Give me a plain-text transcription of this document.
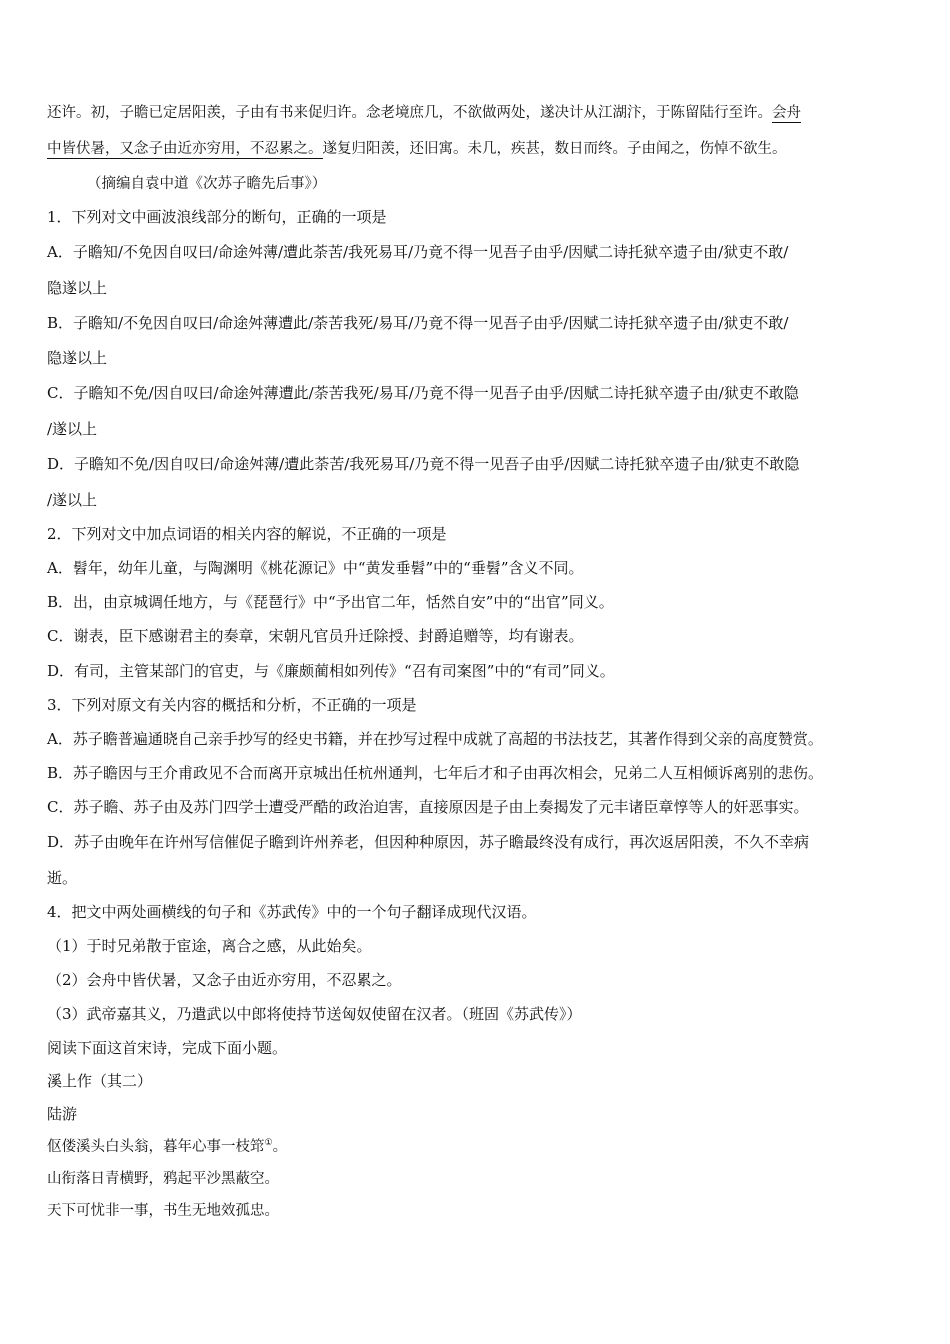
还许。初，子瞻已定居阳羡，子由有书来促归许。念老境庶几，不欲做两处，遂决计从江湖汴，于陈留陆行至许。会舟
中皆伏暑，又念子由近亦穷用，不忍累之。遂复归阳羡，还旧寓。未几，疾甚，数日而终。子由闻之，伤悼不欲生。
（摘编自袁中道《次苏子瞻先后事》）
1．下列对文中画波浪线部分的断句，正确的一项是
A．子瞻知/不免因自叹曰/命途舛薄/遭此荼苦/我死易耳/乃竟不得一见吾子由乎/因赋二诗托狱卒遗子由/狱吏不敢/
隐遂以上
B．子瞻知/不免因自叹曰/命途舛薄遭此/荼苦我死/易耳/乃竟不得一见吾子由乎/因赋二诗托狱卒遗子由/狱吏不敢/
隐遂以上
C．子瞻知不免/因自叹曰/命途舛薄遭此/荼苦我死/易耳/乃竟不得一见吾子由乎/因赋二诗托狱卒遗子由/狱吏不敢隐
/遂以上
D．子瞻知不免/因自叹曰/命途舛薄/遭此荼苦/我死易耳/乃竟不得一见吾子由乎/因赋二诗托狱卒遗子由/狱吏不敢隐
/遂以上
2．下列对文中加点词语的相关内容的解说，不正确的一项是
A．髫年，幼年儿童，与陶渊明《桃花源记》中“黄发垂髫”中的“垂髫”含义不同。
B．出，由京城调任地方，与《琵琶行》中“予出官二年，恬然自安”中的“出官”同义。
C．谢表，臣下感谢君主的奏章，宋朝凡官员升迁除授、封爵追赠等，均有谢表。
D．有司，主管某部门的官吏，与《廉颇蔺相如列传》“召有司案图”中的“有司”同义。
3．下列对原文有关内容的概括和分析，不正确的一项是
A．苏子瞻普遍通晓自己亲手抄写的经史书籍，并在抄写过程中成就了高超的书法技艺，其著作得到父亲的高度赞赏。
B．苏子瞻因与王介甫政见不合而离开京城出任杭州通判，七年后才和子由再次相会，兄弟二人互相倾诉离别的悲伤。
C．苏子瞻、苏子由及苏门四学士遭受严酷的政治迫害，直接原因是子由上奏揭发了元丰诸臣章惇等人的奸恶事实。
D．苏子由晚年在许州写信催促子瞻到许州养老，但因种种原因，苏子瞻最终没有成行，再次返居阳羡，不久不幸病
逝。
4．把文中两处画横线的句子和《苏武传》中的一个句子翻译成现代汉语。
（1）于时兄弟散于宦途，离合之感，从此始矣。
（2）会舟中皆伏暑，又念子由近亦穷用，不忍累之。
（3）武帝嘉其义，乃遣武以中郎将使持节送匈奴使留在汉者。（班固《苏武传》）
阅读下面这首宋诗，完成下面小题。
溪上作（其二）
陆游
伛偻溪头白头翁，暮年心事一枝筇①。
山衔落日青横野，鸦起平沙黑蔽空。
天下可忧非一事，书生无地效孤忠。
